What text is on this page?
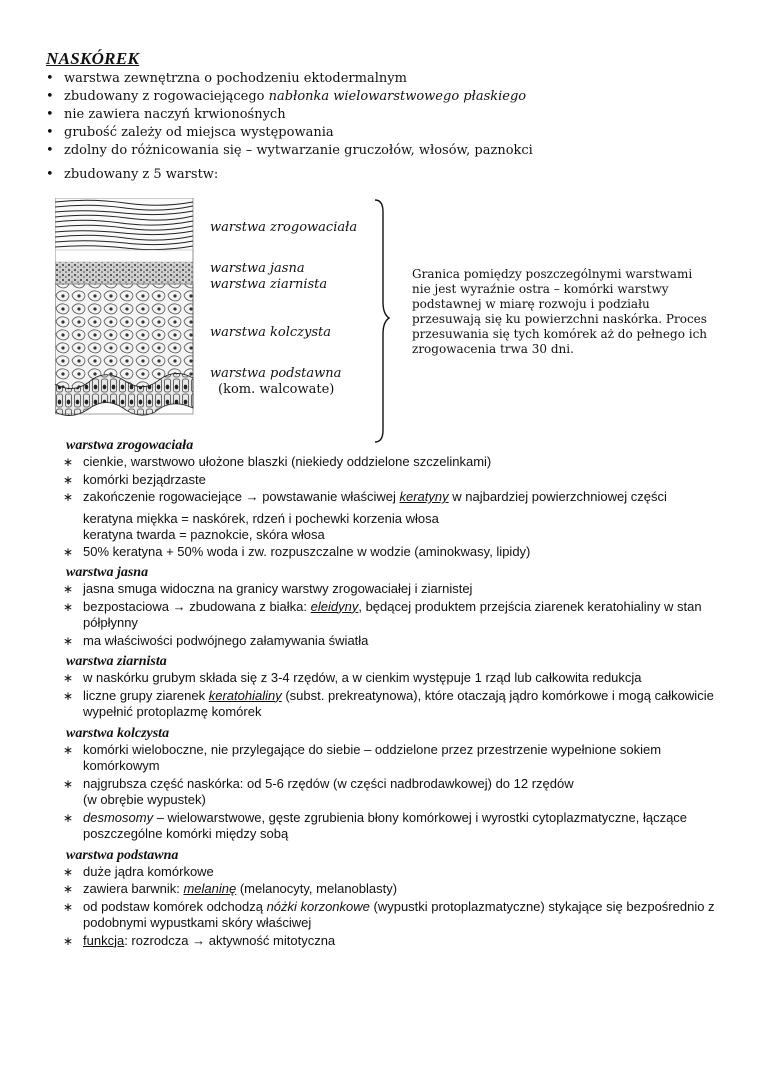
NASKÓREK
• warstwa zewnętrzna o pochodzeniu ektodermalnym
• zbudowany z rogowaciejącego nabłonka wielowarstwowego płaskiego
• nie zawiera naczyń krwionośnych
• grubość zależy od miejsca występowania
• zdolny do różnicowania się – wytwarzanie gruczołów, włosów, paznokci
• zbudowany z 5 warstw:
warstwa zrogowaciała
warstwa jasna
warstwa ziarnista
warstwa kolczysta
warstwa podstawna
(kom. walcowate)
Granica pomiędzy poszczególnymi warstwami nie jest wyraźnie ostra – komórki warstwy podstawnej w miarę rozwoju i podziału przesuwają się ku powierzchni naskórka. Proces przesuwania się tych komórek aż do pełnego ich zrogowacenia trwa 30 dni.
warstwa zrogowaciała
∗ cienkie, warstwowo ułożone blaszki (niekiedy oddzielone szczelinkami)
∗ komórki bezjądrzaste
∗ zakończenie rogowaciejące → powstawanie właściwej keratyny w najbardziej powierzchniowej części
keratyna miękka = naskórek, rdzeń i pochewki korzenia włosa
keratyna twarda = paznokcie, skóra włosa
∗ 50% keratyna + 50% woda i zw. rozpuszczalne w wodzie (aminokwasy, lipidy)
warstwa jasna
∗ jasna smuga widoczna na granicy warstwy zrogowaciałej i ziarnistej
∗ bezpostaciowa → zbudowana z białka: eleidyny, będącej produktem przejścia ziarenek keratohialiny w stan półpłynny
∗ ma właściwości podwójnego załamywania światła
warstwa ziarnista
∗ w naskórku grubym składa się z 3-4 rzędów, a w cienkim występuje 1 rząd lub całkowita redukcja
∗ liczne grupy ziarenek keratohialiny (subst. prekreatynowa), które otaczają jądro komórkowe i mogą całkowicie wypełnić protoplazmę komórek
warstwa kolczysta
∗ komórki wieloboczne, nie przylegające do siebie – oddzielone przez przestrzenie wypełnione sokiem komórkowym
∗ najgrubsza część naskórka: od 5-6 rzędów (w części nadbrodawkowej) do 12 rzędów
(w obrębie wypustek)
∗ desmosomy – wielowarstwowe, gęste zgrubienia błony komórkowej i wyrostki cytoplazmatyczne, łączące poszczególne komórki między sobą
warstwa podstawna
∗ duże jądra komórkowe
∗ zawiera barwnik: melaninę (melanocyty, melanoblasty)
∗ od podstaw komórek odchodzą nóżki korzonkowe (wypustki protoplazmatyczne) stykające się bezpośrednio z podobnymi wypustkami skóry właściwej
∗ funkcja: rozrodcza → aktywność mitotyczna
